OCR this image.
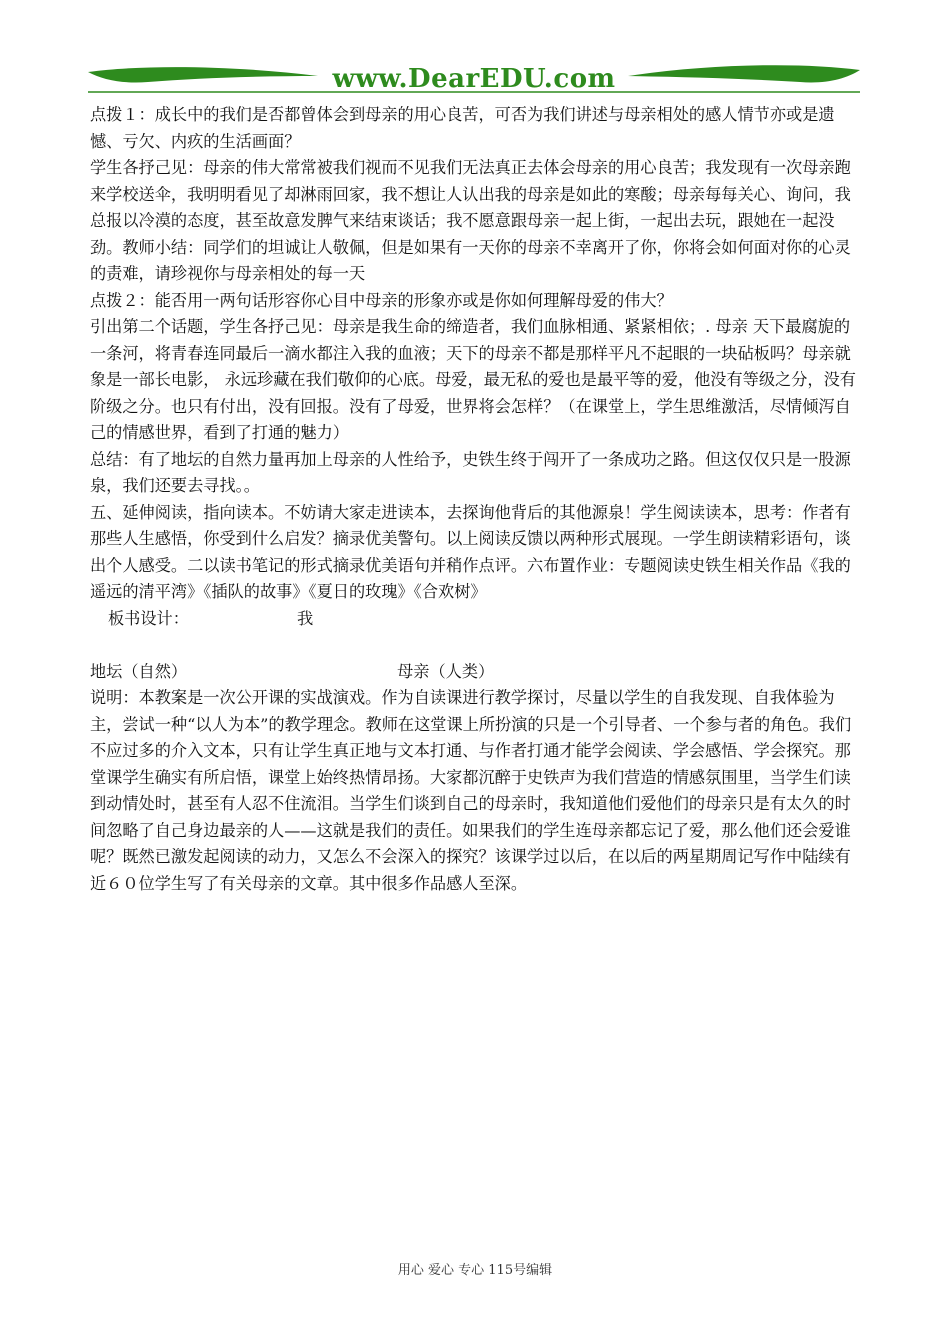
www.DearEDU.com

点拨１：成长中的我们是否都曾体会到母亲的用心良苦，可否为我们讲述与母亲相处的感人情节亦或是遗憾、亏欠、内疚的生活画面？

学生各抒己见：母亲的伟大常常被我们视而不见我们无法真正去体会母亲的用心良苦；我发现有一次母亲跑来学校送伞，我明明看见了却淋雨回家，我不想让人认出我的母亲是如此的寒酸；母亲每每关心、询问，我总报以冷漠的态度，甚至故意发脾气来结束谈话；我不愿意跟母亲一起上街，一起出去玩，跟她在一起没劲。教师小结：同学们的坦诚让人敬佩，但是如果有一天你的母亲不幸离开了你，你将会如何面对你的心灵的责难，请珍视你与母亲相处的每一天

点拨２：能否用一两句话形容你心目中母亲的形象亦或是你如何理解母爱的伟大？

引出第二个话题，学生各抒己见：母亲是我生命的缔造者，我们血脉相通、紧紧相依；. 母亲 天下最腐旎的一条河，将青春连同最后一滴水都注入我的血液；天下的母亲不都是那样平凡不起眼的一块砧板吗？母亲就象是一部长电影， 永远珍藏在我们敬仰的心底。母爱，最无私的爱也是最平等的爱，他没有等级之分，没有阶级之分。也只有付出，没有回报。没有了母爱，世界将会怎样？（在课堂上，学生思维激活，尽情倾泻自己的情感世界，看到了打通的魅力）

总结：有了地坛的自然力量再加上母亲的人性给予，史铁生终于闯开了一条成功之路。但这仅仅只是一股源泉，我们还要去寻找。。

五、延伸阅读，指向读本。不妨请大家走进读本，去探询他背后的其他源泉！学生阅读读本，思考：作者有那些人生感悟，你受到什么启发？摘录优美警句。以上阅读反馈以两种形式展现。一学生朗读精彩语句，谈出个人感受。二以读书笔记的形式摘录优美语句并稍作点评。六布置作业：专题阅读史铁生相关作品《我的遥远的清平湾》《插队的故事》《夏日的玫瑰》《合欢树》

板书设计：	我

地坛（自然）	母亲（人类）

说明：本教案是一次公开课的实战演戏。作为自读课进行教学探讨，尽量以学生的自我发现、自我体验为主，尝试一种“以人为本”的教学理念。教师在这堂课上所扮演的只是一个引导者、一个参与者的角色。我们不应过多的介入文本，只有让学生真正地与文本打通、与作者打通才能学会阅读、学会感悟、学会探究。那堂课学生确实有所启悟，课堂上始终热情昂扬。大家都沉醉于史铁声为我们营造的情感氛围里，当学生们读到动情处时，甚至有人忍不住流泪。当学生们谈到自己的母亲时，我知道他们爱他们的母亲只是有太久的时间忽略了自己身边最亲的人——这就是我们的责任。如果我们的学生连母亲都忘记了爱，那么他们还会爱谁呢？既然已激发起阅读的动力，又怎么不会深入的探究？该课学过以后，在以后的两星期周记写作中陆续有近６０位学生写了有关母亲的文章。其中很多作品感人至深。

用心 爱心 专心 115号编辑
